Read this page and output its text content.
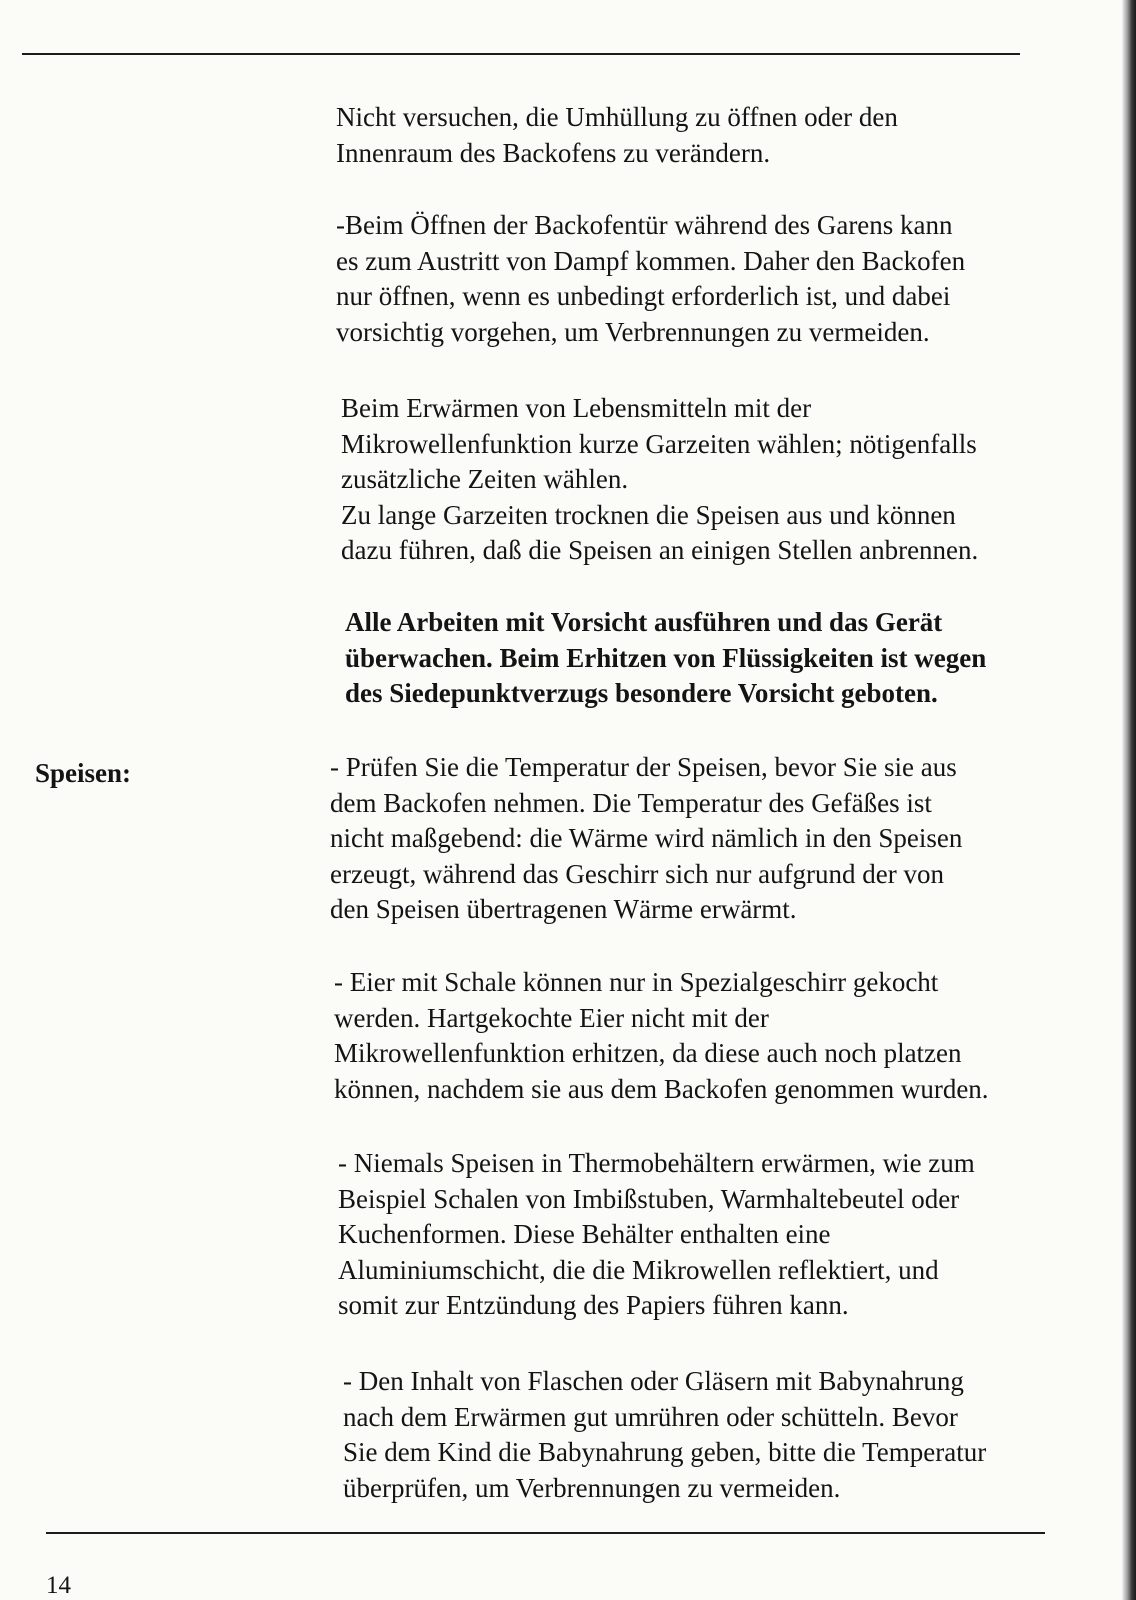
Nicht versuchen, die Umhüllung zu öffnen oder den
Innenraum des Backofens zu verändern.

-Beim Öffnen der Backofentür während des Garens kann
es zum Austritt von Dampf kommen. Daher den Backofen
nur öffnen, wenn es unbedingt erforderlich ist, und dabei
vorsichtig vorgehen, um Verbrennungen zu vermeiden.

Beim Erwärmen von Lebensmitteln mit der
Mikrowellenfunktion kurze Garzeiten wählen; nötigenfalls
zusätzliche Zeiten wählen.
Zu lange Garzeiten trocknen die Speisen aus und können
dazu führen, daß die Speisen an einigen Stellen anbrennen.

Alle Arbeiten mit Vorsicht ausführen und das Gerät
überwachen. Beim Erhitzen von Flüssigkeiten ist wegen
des Siedepunktverzugs besondere Vorsicht geboten.

Speisen:	- Prüfen Sie die Temperatur der Speisen, bevor Sie sie aus
dem Backofen nehmen. Die Temperatur des Gefäßes ist
nicht maßgebend: die Wärme wird nämlich in den Speisen
erzeugt, während das Geschirr sich nur aufgrund der von
den Speisen übertragenen Wärme erwärmt.

- Eier mit Schale können nur in Spezialgeschirr gekocht
werden. Hartgekochte Eier nicht mit der
Mikrowellenfunktion erhitzen, da diese auch noch platzen
können, nachdem sie aus dem Backofen genommen wurden.

- Niemals Speisen in Thermobehältern erwärmen, wie zum
Beispiel Schalen von Imbißstuben, Warmhaltebeutel oder
Kuchenformen. Diese Behälter enthalten eine
Aluminiumschicht, die die Mikrowellen reflektiert, und
somit zur Entzündung des Papiers führen kann.

- Den Inhalt von Flaschen oder Gläsern mit Babynahrung
nach dem Erwärmen gut umrühren oder schütteln. Bevor
Sie dem Kind die Babynahrung geben, bitte die Temperatur
überprüfen, um Verbrennungen zu vermeiden.

14
